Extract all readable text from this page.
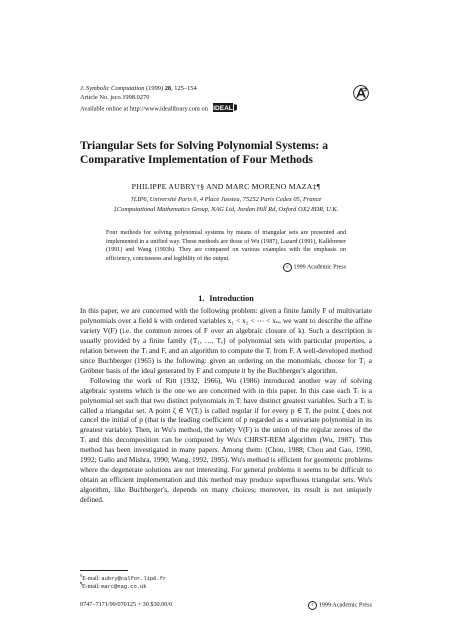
J. Symbolic Computation (1999) 28, 125–154
Article No. jsco.1998.0270
Available online at http://www.idealibrary.com on IDEAL
Triangular Sets for Solving Polynomial Systems: a Comparative Implementation of Four Methods
PHILIPPE AUBRY†§ AND MARC MORENO MAZA‡¶
†LIP6, Université Paris 6, 4 Place Jussieu, 75252 Paris Cedex 05, France
‡Computational Mathematics Group, NAG Ltd, Jordan Hill Rd, Oxford OX2 8DR, U.K.
Four methods for solving polynomial systems by means of triangular sets are presented and implemented in a unified way. These methods are those of Wu (1987), Lazard (1991), Kalkbrener (1991) and Wang (1993b). They are compared on various examples with the emphasis on efficiency, conciseness and legibility of the output.
c 1999 Academic Press
1. Introduction

In this paper, we are concerned with the following problem: given a finite family F of multivariate polynomials over a field k with ordered variables x₁ < x₂ < ⋯ < xₙ, we want to describe the affine variety V(F) (i.e. the common zeroes of F over an algebraic closure of k). Such a description is usually provided by a finite family {T₁, …, Tₑ} of polynomial sets with particular properties, a relation between the Tᵢ and F, and an algorithm to compute the Tᵢ from F. A well-developed method since Buchberger (1965) is the following: given an ordering on the monomials, choose for T₁ a Gröbner basis of the ideal generated by F and compute it by the Buchberger's algorithm.

Following the work of Ritt (1932, 1966), Wu (1986) introduced another way of solving algebraic systems which is the one we are concerned with in this paper. In this case each Tᵢ is a polynomial set such that two distinct polynomials in Tᵢ have distinct greatest variables. Such a Tᵢ is called a triangular set. A point ζ ∈ V(Tᵢ) is called regular if for every p ∈ Tᵢ the point ζ does not cancel the initial of p (that is the leading coefficient of p regarded as a univariate polynomial in its greatest variable). Then, in Wu's method, the variety V(F) is the union of the regular zeroes of the Tᵢ and this decomposition can be computed by Wu's CHRST-REM algorithm (Wu, 1987). This method has been investigated in many papers. Among them: (Chou, 1988; Chou and Gao, 1990, 1992; Gallo and Mishra, 1990; Wang, 1992, 1995). Wu's method is efficient for geometric problems where the degenerate solutions are not interesting. For general problems it seems to be difficult to obtain an efficient implementation and this method may produce superfluous triangular sets. Wu's algorithm, like Buchberger's, depends on many choices; moreover, its result is not uniquely defined.

§E-mail: aubry@calfor.lip6.fr
¶E-mail: marc@nag.co.uk
0747–7171/99/070125 + 30 $30.00/0	c 1999 Academic Press
